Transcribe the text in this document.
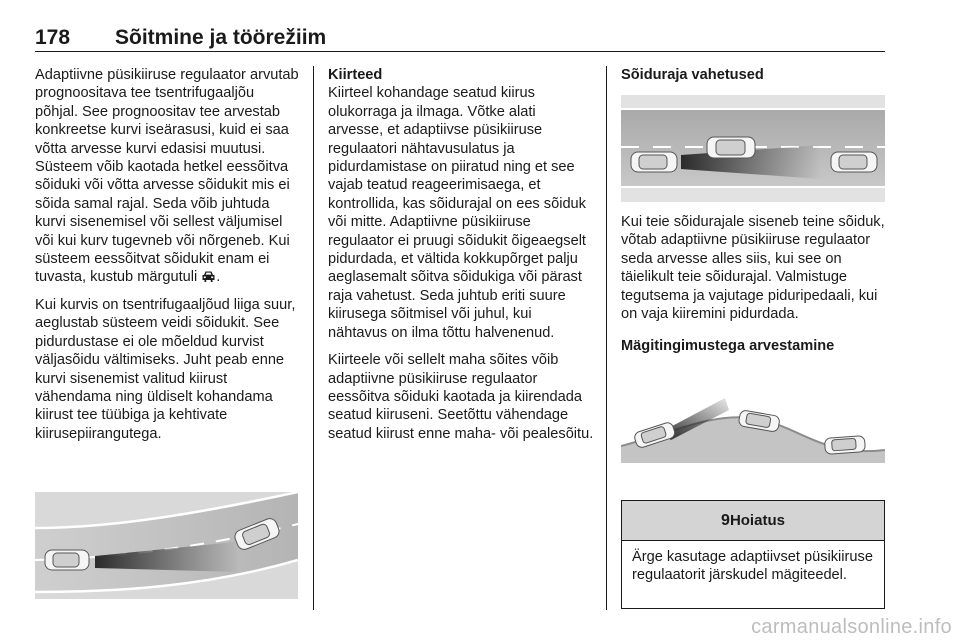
178	Sõitmine ja töörežiim

Adaptiivne püsikiiruse regulaator arvutab prognoositava tee tsentrifugaaljõu põhjal. See prognoositav tee arvestab konkreetse kurvi iseärasusi, kuid ei saa võtta arvesse kurvi edasisi muutusi. Süsteem võib kaotada hetkel eessõitva sõiduki või võtta arvesse sõidukit mis ei sõida samal rajal. Seda võib juhtuda kurvi sisenemisel või sellest väljumisel või kui kurv tugevneb või nõrgeneb. Kui süsteem eessõitvat sõidukit enam ei tuvasta, kustub märgutuli .

Kui kurvis on tsentrifugaaljõud liiga suur, aeglustab süsteem veidi sõidukit. See pidurdustase ei ole mõeldud kurvist väljasõidu vältimiseks. Juht peab enne kurvi sisenemist valitud kiirust vähendama ning üldiselt kohandama kiirust tee tüübiga ja kehtivate kiirusepiirangutega.

Kiirteed

Kiirteel kohandage seatud kiirus olukorraga ja ilmaga. Võtke alati arvesse, et adaptiivse püsikiiruse regulaatori nähtavusulatus ja pidurdamistase on piiratud ning et see vajab teatud reageerimisaega, et kontrollida, kas sõidurajal on ees sõiduk või mitte. Adaptiivne püsikiiruse regulaator ei pruugi sõidukit õigeaegselt pidurdada, et vältida kokkupõrget palju aeglasemalt sõitva sõidukiga või pärast raja vahetust. Seda juhtub eriti suure kiirusega sõitmisel või juhul, kui nähtavus on ilma tõttu halvenenud.

Kiirteele või sellelt maha sõites võib adaptiivne püsikiiruse regulaator eessõitva sõiduki kaotada ja kiirendada seatud kiiruseni. Seetõttu vähendage seatud kiirust enne maha- või pealesõitu.

Sõiduraja vahetused

Kui teie sõidurajale siseneb teine sõiduk, võtab adaptiivne püsikiiruse regulaator seda arvesse alles siis, kui see on täielikult teie sõidurajal. Valmistuge tegutsema ja vajutage piduripedaali, kui on vaja kiiremini pidurdada.

Mägitingimustega arvestamine
9 Hoiatus
Ärge kasutage adaptiivset püsikiiruse regulaatorit järskudel mägiteedel.
carmanualsonline.info
